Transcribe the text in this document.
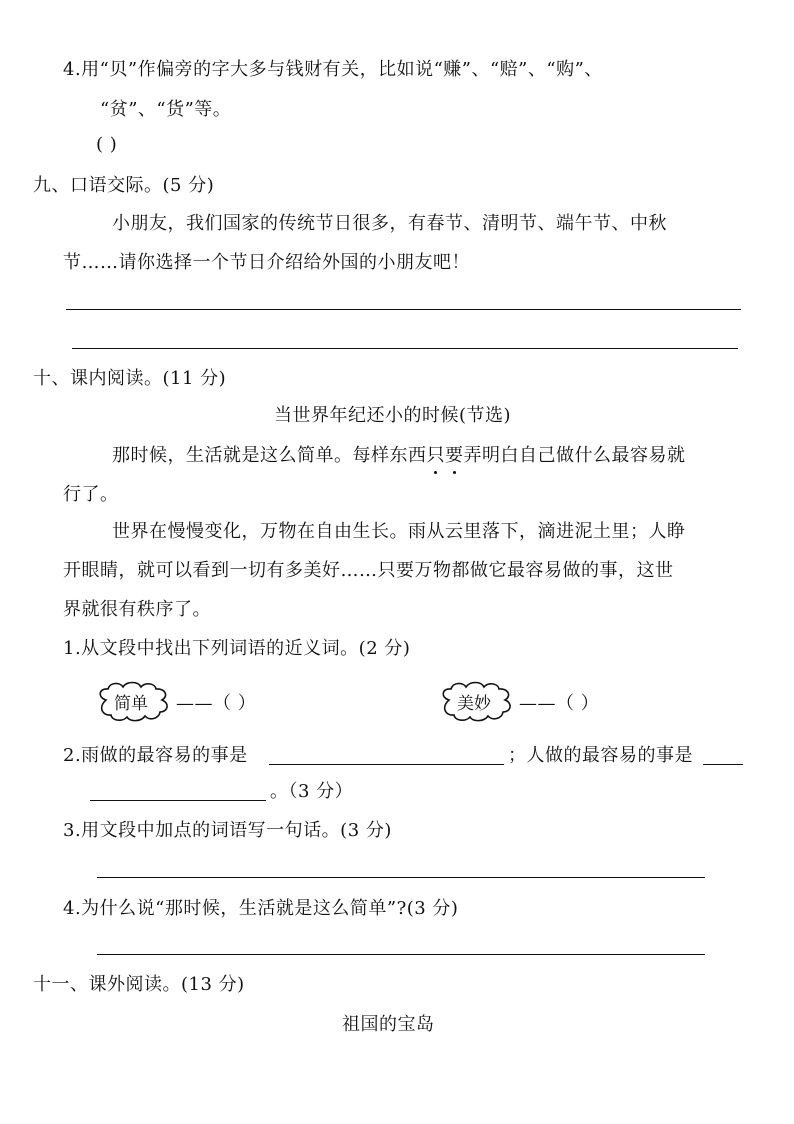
4.用“贝”作偏旁的字大多与钱财有关，比如说“赚”、“赔”、“购”、
“贫”、“货”等。
( )
九、口语交际。(5 分)
小朋友，我们国家的传统节日很多，有春节、清明节、端午节、中秋
节……请你选择一个节日介绍给外国的小朋友吧！
十、课内阅读。(11 分)
当世界年纪还小的时候(节选)
那时候，生活就是这么简单。每样东西只要弄明白自己做什么最容易就
行了。
世界在慢慢变化，万物在自由生长。雨从云里落下，滴进泥土里；人睁
开眼睛，就可以看到一切有多美好……只要万物都做它最容易做的事，这世
界就很有秩序了。
1.从文段中找出下列词语的近义词。(2 分)
简单 ——（ ）	美妙 ——（ ）
2.雨做的最容易的事是	；人做的最容易的事是
。（3 分）
3.用文段中加点的词语写一句话。(3 分)
4.为什么说“那时候，生活就是这么简单”?(3 分)
十一、课外阅读。(13 分)
祖国的宝岛
